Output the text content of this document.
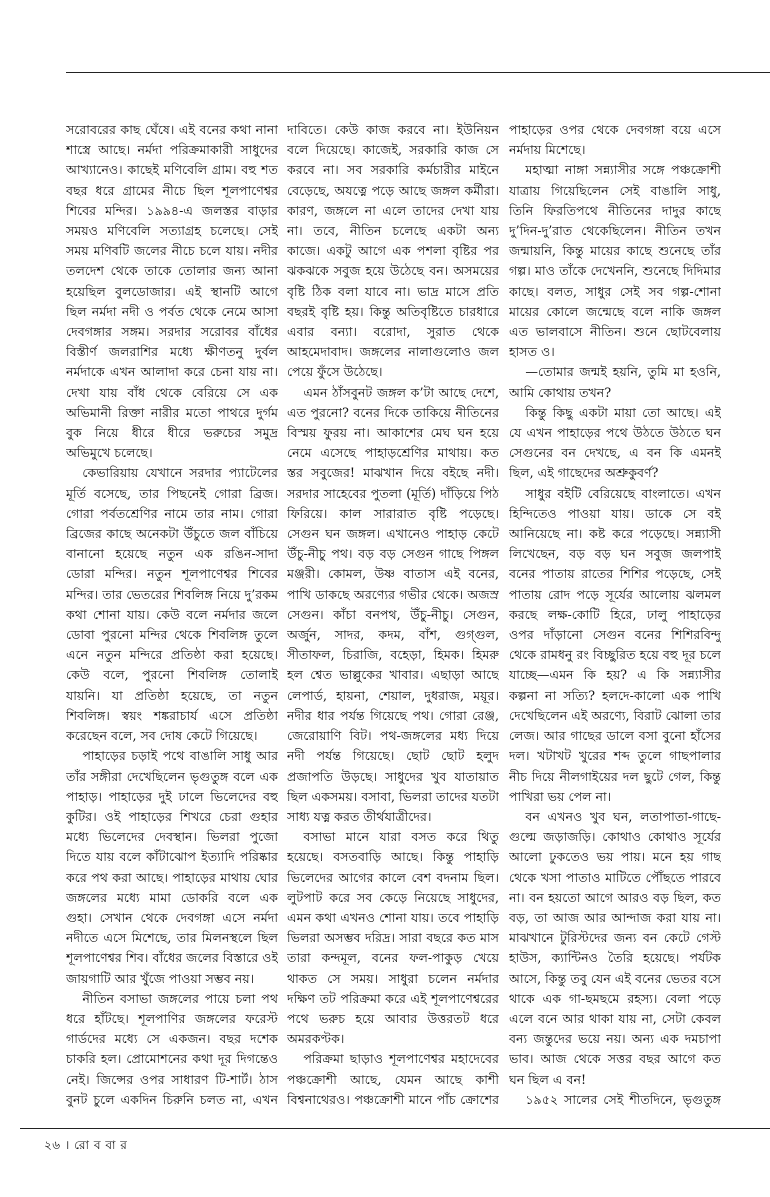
সরোবরের কাছ ঘেঁষে। এই বনের কথা নানা শাস্ত্রে আছে। নর্মদা পরিক্রমাকারী সাধুদের আখ্যানেও। কাছেই মণিবেলি গ্রাম। বহু শত বছর ধরে গ্রামের নীচে ছিল শূলপাণেশ্বর শিবের মন্দির। ১৯৯৪-এ জলস্তর বাড়ার সময়ও মণিবেলি সত্যাগ্রহ চলেছে। সেই সময় মণিবটি জলের নীচে চলে যায়। নদীর তলদেশ থেকে তাকে তোলার জন্য আনা হয়েছিল বুলডোজার। এই স্থানটি আগে ছিল নর্মদা নদী ও পর্বত থেকে নেমে আসা দেবগঙ্গার সঙ্গম। সরদার সরোবর বাঁধের বিস্তীর্ণ জলরাশির মধ্যে ক্ষীণতনু দুর্বল নর্মদাকে এখন আলাদা করে চেনা যায় না। দেখা যায় বাঁধ থেকে বেরিয়ে সে এক অভিমানী রিক্তা নারীর মতো পাথরে দুর্গম বুক নিয়ে ধীরে ধীরে ভরুচের সমুদ্র অভিমুখে চলেছে।

কেভারিয়ায় যেখানে সরদার প্যাটেলের মূর্তি বসেছে, তার পিছনেই গোরা ব্রিজ। গোরা পর্বতশ্রেণির নামে তার নাম। গোরা ব্রিজের কাছে অনেকটা উঁচুতে জল বাঁচিয়ে বানানো হয়েছে নতুন এক রঙিন-সাদা ডোরা মন্দির। নতুন শূলপাণেশ্বর শিবের মন্দির। তার ভেতরের শিবলিঙ্গ নিয়ে দু’রকম কথা শোনা যায়। কেউ বলে নর্মদার জলে ডোবা পুরনো মন্দির থেকে শিবলিঙ্গ তুলে এনে নতুন মন্দিরে প্রতিষ্ঠা করা হয়েছে। কেউ বলে, পুরনো শিবলিঙ্গ তোলাই যায়নি। যা প্রতিষ্ঠা হয়েছে, তা নতুন শিবলিঙ্গ। স্বয়ং শঙ্করাচার্য এসে প্রতিষ্ঠা করেছেন বলে, সব দোষ কেটে গিয়েছে।

পাহাড়ের চড়াই পথে বাঙালি সাধু আর তাঁর সঙ্গীরা দেখেছিলেন ভৃগুতুঙ্গ বলে এক পাহাড়। পাহাড়ের দুই ঢালে ভিলেদের বহু কুটির। ওই পাহাড়ের শিখরে চেরা গুহার মধ্যে ভিলেদের দেবস্থান। ভিলরা পুজো দিতে যায় বলে কাঁটাঝোপ ইত্যাদি পরিষ্কার করে পথ করা আছে। পাহাড়ের মাথায় ঘোর জঙ্গলের মধ্যে মামা ডোকরি বলে এক গুহা। সেখান থেকে দেবগঙ্গা এসে নর্মদা নদীতে এসে মিশেছে, তার মিলনস্থলে ছিল শূলপাণেশ্বর শিব। বাঁধের জলের বিস্তারে ওই জায়গাটি আর খুঁজে পাওয়া সম্ভব নয়।

নীতিন বসাভা জঙ্গলের পায়ে চলা পথ ধরে হাঁটছে। শূলপাণির জঙ্গলের ফরেস্ট গার্ডদের মধ্যে সে একজন। বছর দশেক চাকরি হল। প্রোমোশনের কথা দূর দিগন্তেও নেই। জিন্সের ওপর সাধারণ টি-শার্ট। ঠাস বুনট চুলে একদিন চিরুনি চলত না, এখন

দাবিতে। কেউ কাজ করবে না। ইউনিয়ন বলে দিয়েছে। কাজেই, সরকারি কাজ সে করবে না। সব সরকারি কর্মচারীর মাইনে বেড়েছে, অযত্নে পড়ে আছে জঙ্গল কর্মীরা। কারণ, জঙ্গলে না এলে তাদের দেখা যায় না। তবে, নীতিন চলেছে একটা অন্য কাজে। একটু আগে এক পশলা বৃষ্টির পর ঝকঝকে সবুজ হয়ে উঠেছে বন। অসময়ের বৃষ্টি ঠিক বলা যাবে না। ভাদ্র মাসে প্রতি বছরই বৃষ্টি হয়। কিন্তু অতিবৃষ্টিতে চারধারে এবার বন্যা। বরোদা, সুরাত থেকে আহমেদাবাদ। জঙ্গলের নালাগুলোও জল পেয়ে ফুঁসে উঠেছে।

এমন ঠাঁসবুনট জঙ্গল ক’টা আছে দেশে, এত পুরনো? বনের দিকে তাকিয়ে নীতিনের বিস্ময় ফুরয় না। আকাশের মেঘ ঘন হয়ে নেমে এসেছে পাহাড়শ্রেণির মাথায়। কত স্তর সবুজের! মাঝখান দিয়ে বইছে নদী। সরদার সাহেবের পুতলা (মূর্তি) দাঁড়িয়ে পিঠ ফিরিয়ে। কাল সারারাত বৃষ্টি পড়েছে। সেগুন ঘন জঙ্গল। এখানেও পাহাড় কেটে উঁচু-নীচু পথ। বড় বড় সেগুন গাছে পিঙ্গল মঞ্জরী। কোমল, উষ্ণ বাতাস এই বনের, পাখি ডাকছে অরণ্যের গভীর থেকে। অজস্র সেগুন। কাঁচা বনপথ, উঁচু-নীচু। সেগুন, অর্জুন, সাদর, কদম, বাঁশ, গুগ্গুল, সীতাফল, চিরাজি, বহেড়া, হিমক। হিমরু হল শ্বেত ভাল্লুকের খাবার। এছাড়া আছে লেপার্ড, হায়না, শেয়াল, দুধরাজ, ময়ূর। নদীর ধার পর্যন্ত গিয়েছে পথ। গোরা রেঞ্জ, জেরোয়াণি বিট। পথ-জঙ্গলের মধ্য দিয়ে নদী পর্যন্ত গিয়েছে। ছোট ছোট হলুদ প্রজাপতি উড়ছে। সাধুদের খুব যাতায়াত ছিল একসময়। বসাবা, ভিলরা তাদের যতটা সাধ্য যত্ন করত তীর্থযাত্রীদের।

বসাভা মানে যারা বসত করে থিতু হয়েছে। বসতবাড়ি আছে। কিন্তু পাহাড়ি ভিলেদের আগের কালে বেশ বদনাম ছিল। লুটপাট করে সব কেড়ে নিয়েছে সাধুদের, এমন কথা এখনও শোনা যায়। তবে পাহাড়ি ভিলরা অসম্ভব দরিদ্র। সারা বছরে কত মাস তারা কন্দমূল, বনের ফল-পাকুড় খেয়ে থাকত সে সময়। সাধুরা চলেন নর্মদার দক্ষিণ তট পরিক্রমা করে এই শূলপাণেশ্বরের পথে ভরুচ হয়ে আবার উত্তরতট ধরে অমরকণ্টক।

পরিক্রমা ছাড়াও শূলপাণেশ্বর মহাদেবের পঞ্চক্রোশী আছে, যেমন আছে কাশী বিশ্বনাথেরও। পঞ্চক্রোশী মানে পাঁচ ক্রোশের

পাহাড়ের ওপর থেকে দেবগঙ্গা বয়ে এসে নর্মদায় মিশেছে।

মহাত্মা নাঙ্গা সন্ন্যাসীর সঙ্গে পঞ্চক্রোশী যাত্রায় গিয়েছিলেন সেই বাঙালি সাধু, তিনি ফিরতিপথে নীতিনের দাদুর কাছে দু’দিন-দু’রাত থেকেছিলেন। নীতিন তখন জন্মায়নি, কিন্তু মায়ের কাছে শুনেছে তাঁর গল্প। মাও তাঁকে দেখেননি, শুনেছে দিদিমার কাছে। বলত, সাধুর সেই সব গল্প-শোনা মায়ের কোলে জন্মেছে বলে নাকি জঙ্গল এত ভালবাসে নীতিন। শুনে ছোটবেলায় হাসত ও।

—তোমার জন্মই হয়নি, তুমি মা হওনি, আমি কোথায় তখন?

কিন্তু কিছু একটা মায়া তো আছে। এই যে এখন পাহাড়ের পথে উঠতে উঠতে ঘন সেগুনের বন দেখছে, এ বন কি এমনই ছিল, এই গাছেদের অশ্রুকুবর্ণ?

সাধুর বইটি বেরিয়েছে বাংলাতে। এখন হিন্দিতেও পাওয়া যায়। ডাকে সে বই আনিয়েছে না। কষ্ট করে পড়েছে। সন্ন্যাসী লিখেছেন, বড় বড় ঘন সবুজ জলপাই বনের পাতায় রাতের শিশির পড়েছে, সেই পাতায় রোদ পড়ে সূর্যের আলোয় ঝলমল করছে লক্ষ-কোটি হিরে, ঢালু পাহাড়ের ওপর দাঁড়ানো সেগুন বনের শিশিরবিন্দু থেকে রামধনু রং বিচ্ছুরিত হয়ে বহু দূর চলে যাচ্ছে—এমন কি হয়? এ কি সন্ন্যাসীর কল্পনা না সত্যি? হলদে-কালো এক পাখি দেখেছিলেন এই অরণ্যে, বিরাট ঝোলা তার লেজ। আর গাছের ডালে বসা বুনো হাঁসের দল। খটাখট খুরের শব্দ তুলে গাছপালার নীচ দিয়ে নীলগাইয়ের দল ছুটে গেল, কিন্তু পাখিরা ভয় পেল না।

বন এখনও খুব ঘন, লতাপাতা-গাছে-গুল্মে জড়াজড়ি। কোথাও কোথাও সূর্যের আলো ঢুকতেও ভয় পায়। মনে হয় গাছ থেকে খসা পাতাও মাটিতে পৌঁছতে পারবে না। বন হয়তো আগে আরও বড় ছিল, কত বড়, তা আজ আর আন্দাজ করা যায় না। মাঝখানে টুরিস্টদের জন্য বন কেটে গেস্ট হাউস, ক্যান্টিনও তৈরি হয়েছে। পর্যটক আসে, কিন্তু তবু যেন এই বনের ভেতর বসে থাকে এক গা-ছমছমে রহস্য। বেলা পড়ে এলে বনে আর থাকা যায় না, সেটা কেবল বন্য জন্তুদের ভয়ে নয়। অন্য এক দমচাপা ভাব। আজ থেকে সত্তর বছর আগে কত ঘন ছিল এ বন!

১৯৫২ সালের সেই শীতদিনে, ভৃগুতুঙ্গ

২৬ । রো ব বা র
